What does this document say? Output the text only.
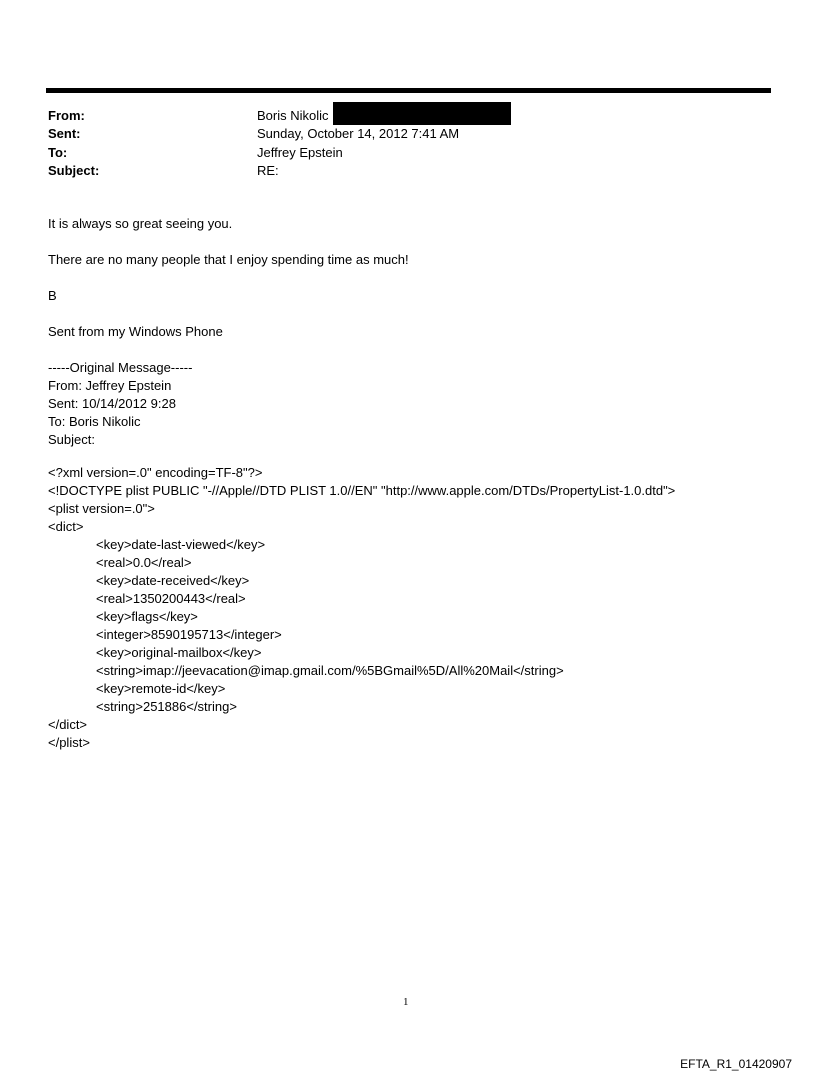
From:	Boris Nikolic
Sent:	Sunday, October 14, 2012 7:41 AM
To:	Jeffrey Epstein
Subject:	RE:
It is always so great seeing you.
There are no many people that I enjoy spending time as much!
B
Sent from my Windows Phone
-----Original Message-----
From: Jeffrey Epstein
Sent: 10/14/2012 9:28
To: Boris Nikolic
Subject:
<?xml version=.0" encoding=TF-8"?>
<!DOCTYPE plist PUBLIC "-//Apple//DTD PLIST 1.0//EN" "http://www.apple.com/DTDs/PropertyList-1.0.dtd">
<plist version=.0">
<dict>
<key>date-last-viewed</key>
<real>0.0</real>
<key>date-received</key>
<real>1350200443</real>
<key>flags</key>
<integer>8590195713</integer>
<key>original-mailbox</key>
<string>imap://jeevacation@imap.gmail.com/%5BGmail%5D/All%20Mail</string>
<key>remote-id</key>
<string>251886</string>
</dict>
</plist>
1
EFTA_R1_01420907
